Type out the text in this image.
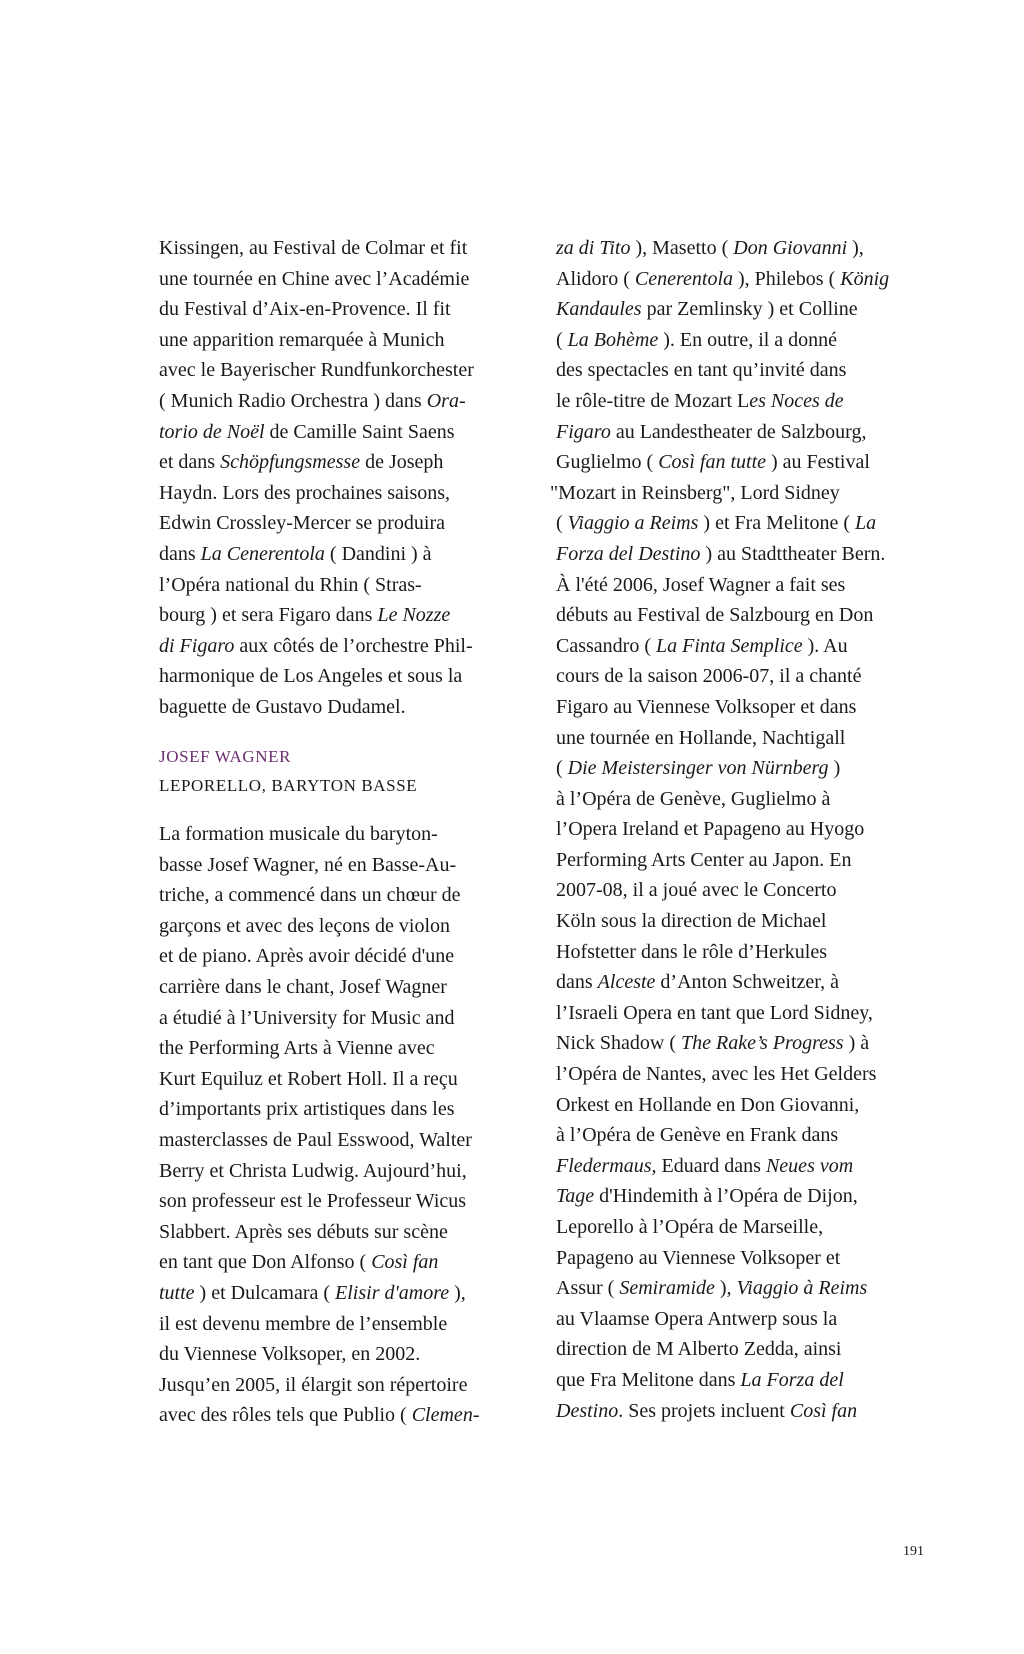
Kissingen, au Festival de Colmar et fit
une tournée en Chine avec l’Académie
du Festival d’Aix-en-Provence. Il fit
une apparition remarquée à Munich
avec le Bayerischer Rundfunkorchester
( Munich Radio Orchestra ) dans Ora-
torio de Noël de Camille Saint Saens
et dans Schöpfungsmesse de Joseph
Haydn. Lors des prochaines saisons,
Edwin Crossley-Mercer se produira
dans La Cenerentola ( Dandini ) à
l’Opéra national du Rhin ( Stras-
bourg ) et sera Figaro dans Le Nozze
di Figaro aux côtés de l’orchestre Phil-
harmonique de Los Angeles et sous la
baguette de Gustavo Dudamel.
JOSEF WAGNER
LEPORELLO, BARYTON BASSE
La formation musicale du baryton-
basse Josef Wagner, né en Basse-Au-
triche, a commencé dans un chœur de
garçons et avec des leçons de violon
et de piano. Après avoir décidé d'une
carrière dans le chant, Josef Wagner
a étudié à l’University for Music and
the Performing Arts à Vienne avec
Kurt Equiluz et Robert Holl. Il a reçu
d’importants prix artistiques dans les
masterclasses de Paul Esswood, Walter
Berry et Christa Ludwig. Aujourd’hui,
son professeur est le Professeur Wicus
Slabbert. Après ses débuts sur scène
en tant que Don Alfonso ( Così fan
tutte ) et Dulcamara ( Elisir d'amore ),
il est devenu membre de l’ensemble
du Viennese Volksoper, en 2002.
Jusqu’en 2005, il élargit son répertoire
avec des rôles tels que Publio ( Clemen-
za di Tito ), Masetto ( Don Giovanni ),
Alidoro ( Cenerentola ), Philebos ( König
Kandaules par Zemlinsky ) et Colline
( La Bohème ). En outre, il a donné
des spectacles en tant qu’invité dans
le rôle-titre de Mozart Les Noces de
Figaro au Landestheater de Salzbourg,
Guglielmo ( Così fan tutte ) au Festival
"Mozart in Reinsberg", Lord Sidney
( Viaggio a Reims ) et Fra Melitone ( La
Forza del Destino ) au Stadttheater Bern.
À l'été 2006, Josef Wagner a fait ses
débuts au Festival de Salzbourg en Don
Cassandro ( La Finta Semplice ). Au
cours de la saison 2006-07, il a chanté
Figaro au Viennese Volksoper et dans
une tournée en Hollande, Nachtigall
( Die Meistersinger von Nürnberg )
à l’Opéra de Genève, Guglielmo à
l’Opera Ireland et Papageno au Hyogo
Performing Arts Center au Japon. En
2007-08, il a joué avec le Concerto
Köln sous la direction de Michael
Hofstetter dans le rôle d’Herkules
dans Alceste d’Anton Schweitzer, à
l’Israeli Opera en tant que Lord Sidney,
Nick Shadow ( The Rake’s Progress ) à
l’Opéra de Nantes, avec les Het Gelders
Orkest en Hollande en Don Giovanni,
à l’Opéra de Genève en Frank dans
Fledermaus, Eduard dans Neues vom
Tage d'Hindemith à l’Opéra de Dijon,
Leporello à l’Opéra de Marseille,
Papageno au Viennese Volksoper et
Assur ( Semiramide ), Viaggio à Reims
au Vlaamse Opera Antwerp sous la
direction de M Alberto Zedda, ainsi
que Fra Melitone dans La Forza del
Destino. Ses projets incluent Così fan
191
